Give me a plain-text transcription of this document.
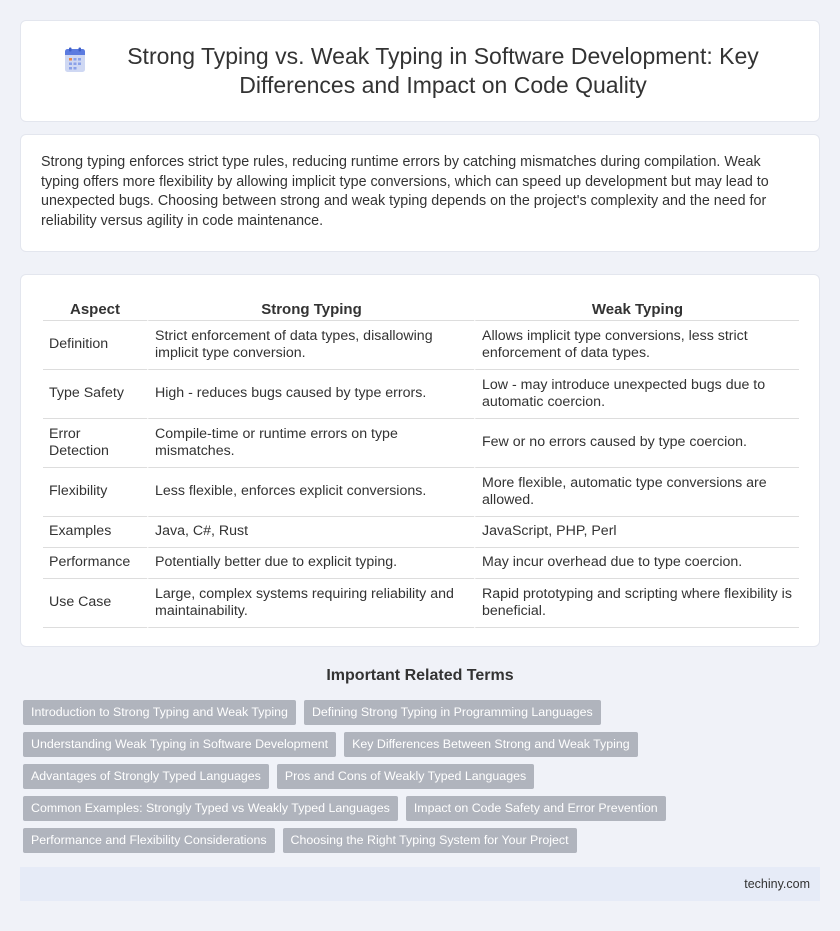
Strong Typing vs. Weak Typing in Software Development: Key Differences and Impact on Code Quality

Strong typing enforces strict type rules, reducing runtime errors by catching mismatches during compilation. Weak typing offers more flexibility by allowing implicit type conversions, which can speed up development but may lead to unexpected bugs. Choosing between strong and weak typing depends on the project's complexity and the need for reliability versus agility in code maintenance.

Aspect	Strong Typing	Weak Typing
Definition	Strict enforcement of data types, disallowing implicit type conversion.	Allows implicit type conversions, less strict enforcement of data types.
Type Safety	High - reduces bugs caused by type errors.	Low - may introduce unexpected bugs due to automatic coercion.
Error Detection	Compile-time or runtime errors on type mismatches.	Few or no errors caused by type coercion.
Flexibility	Less flexible, enforces explicit conversions.	More flexible, automatic type conversions are allowed.
Examples	Java, C#, Rust	JavaScript, PHP, Perl
Performance	Potentially better due to explicit typing.	May incur overhead due to type coercion.
Use Case	Large, complex systems requiring reliability and maintainability.	Rapid prototyping and scripting where flexibility is beneficial.
Important Related Terms
Introduction to Strong Typing and Weak Typing	Defining Strong Typing in Programming Languages
Understanding Weak Typing in Software Development	Key Differences Between Strong and Weak Typing
Advantages of Strongly Typed Languages	Pros and Cons of Weakly Typed Languages
Common Examples: Strongly Typed vs Weakly Typed Languages	Impact on Code Safety and Error Prevention
Performance and Flexibility Considerations	Choosing the Right Typing System for Your Project
techiny.com
